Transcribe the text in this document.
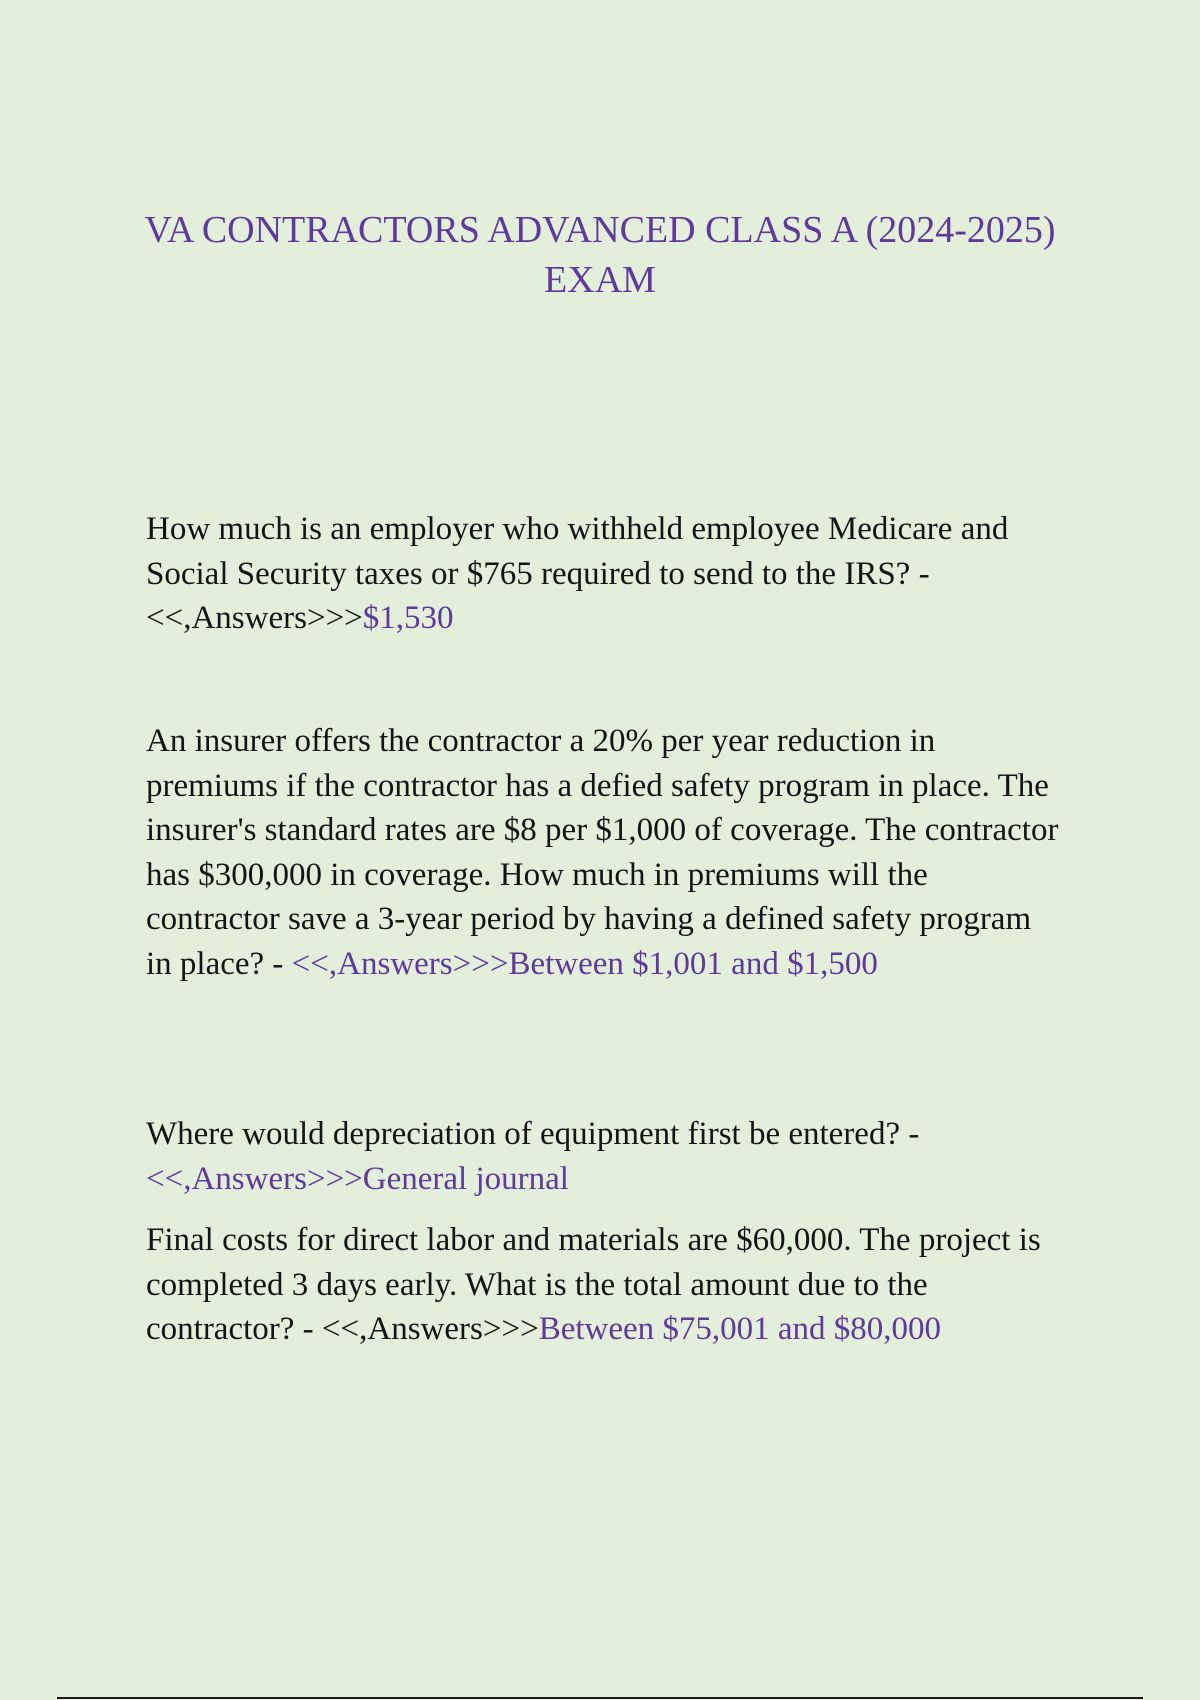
VA CONTRACTORS ADVANCED CLASS A (2024-2025) EXAM

How much is an employer who withheld employee Medicare and Social Security taxes or $765 required to send to the IRS? - <<,Answers>>>$1,530

An insurer offers the contractor a 20% per year reduction in premiums if the contractor has a defied safety program in place. The insurer's standard rates are $8 per $1,000 of coverage. The contractor has $300,000 in coverage. How much in premiums will the contractor save a 3-year period by having a defined safety program in place? - <<,Answers>>>Between $1,001 and $1,500

Where would depreciation of equipment first be entered? - <<,Answers>>>General journal

Final costs for direct labor and materials are $60,000. The project is completed 3 days early. What is the total amount due to the contractor? - <<,Answers>>>Between $75,001 and $80,000
